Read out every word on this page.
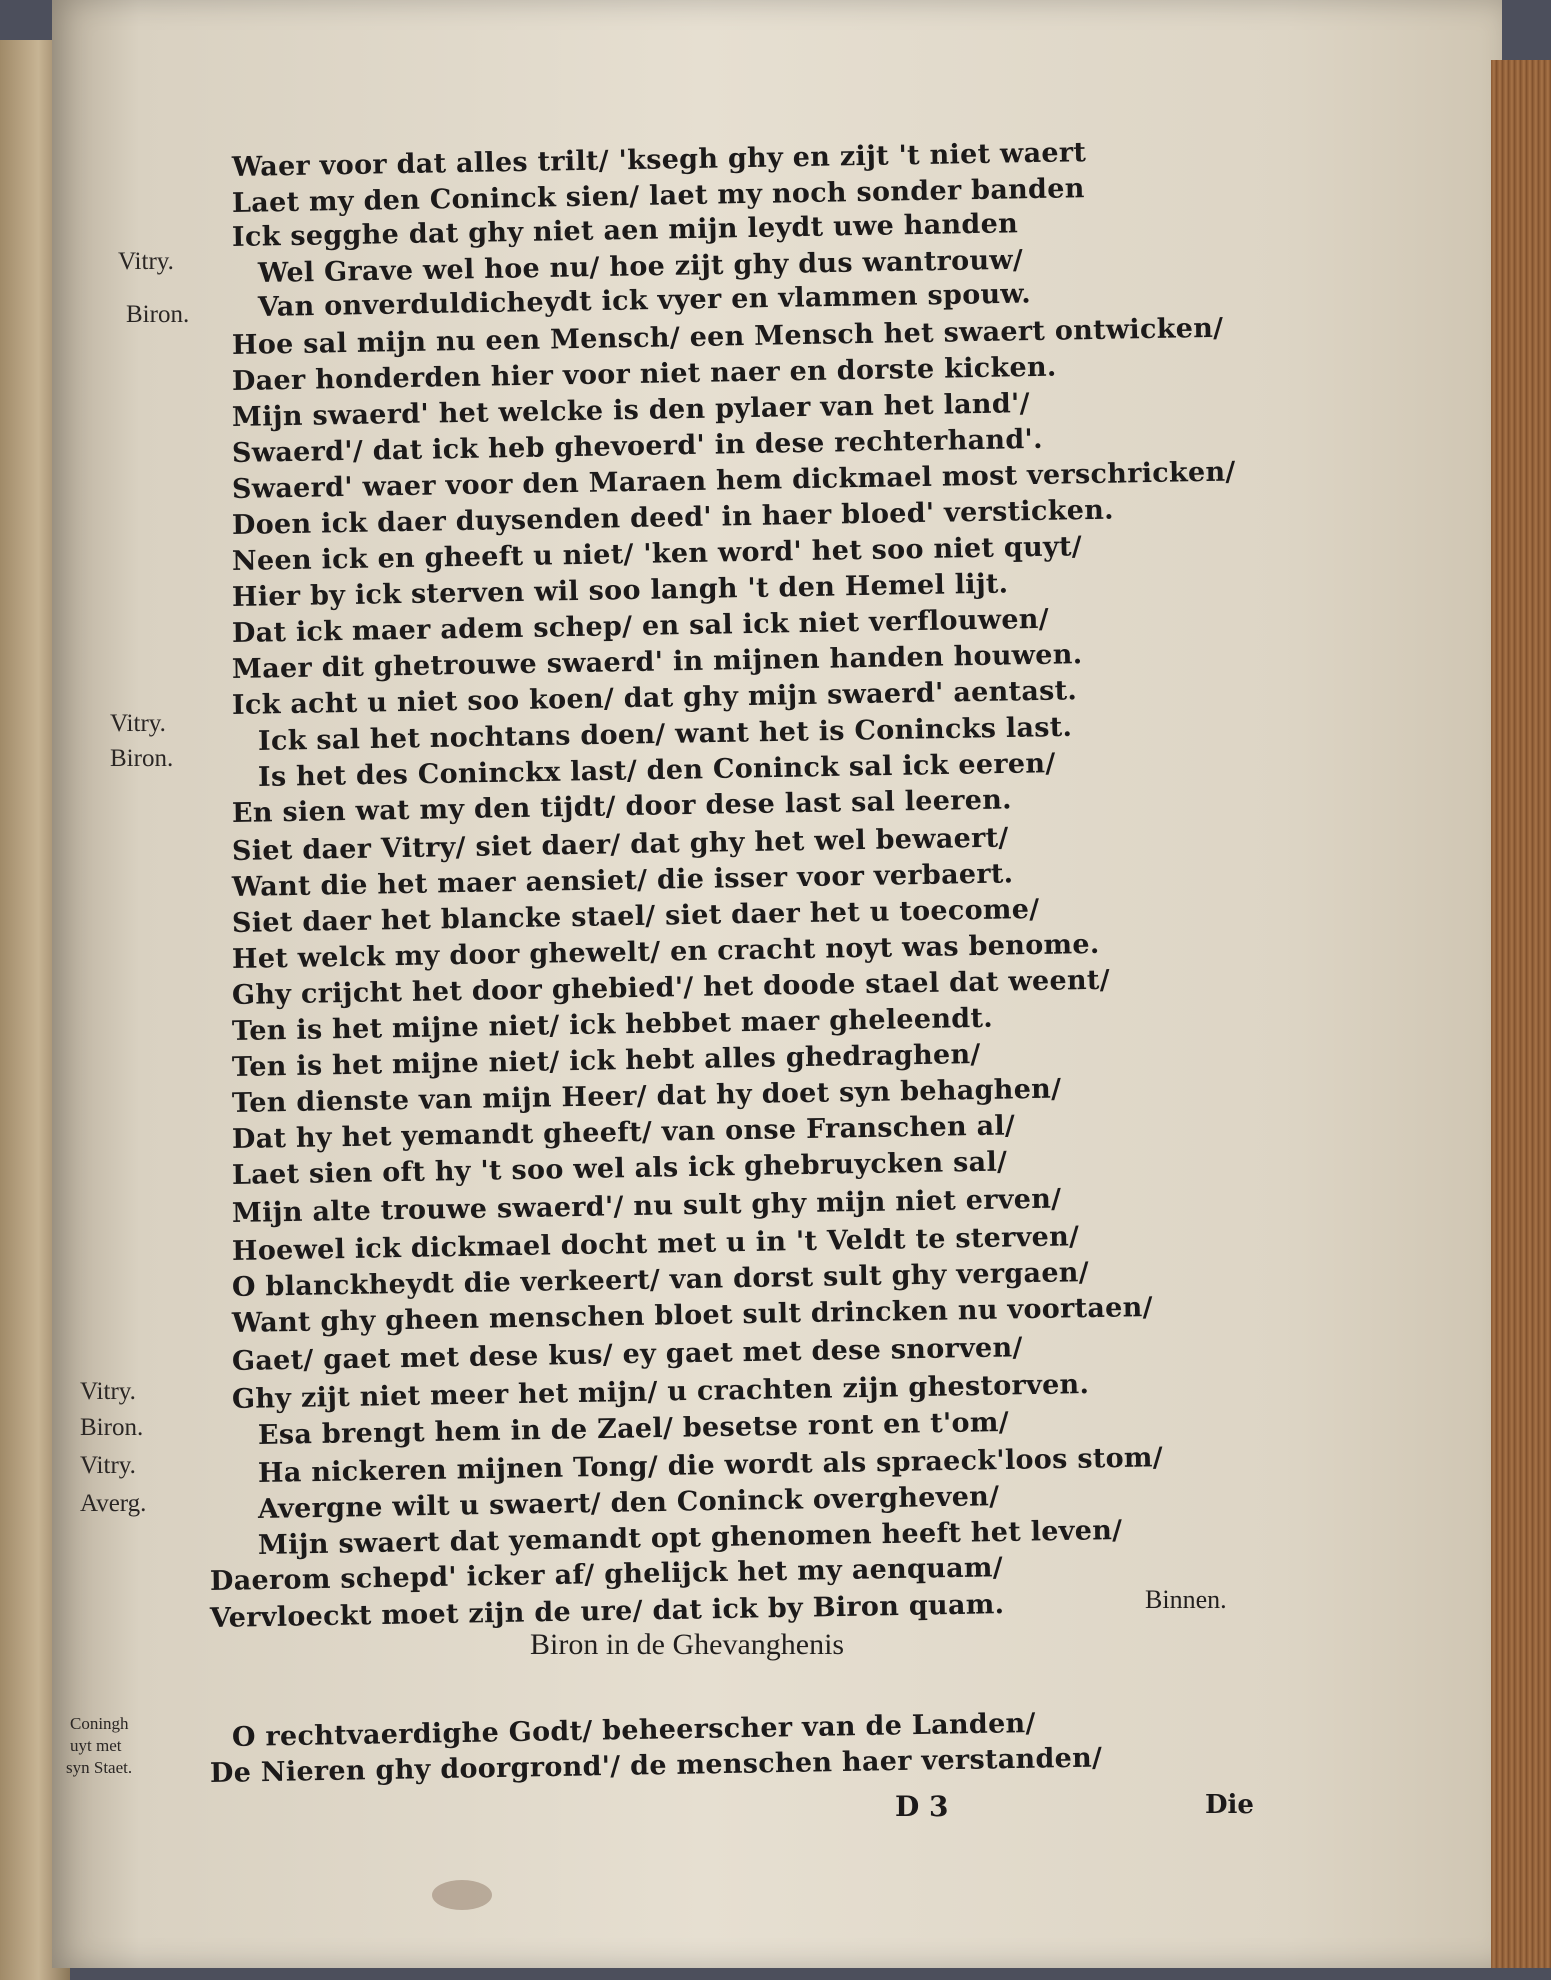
Waer voor dat alles trilt/ 'ksegh ghy en zijt 't niet waert

Laet my den Coninck sien/ laet my noch sonder banden

Ick segghe dat ghy niet aen mijn leydt uwe handen

Wel Grave wel hoe nu/ hoe zijt ghy dus wantrouw/

Van onverduldicheydt ick vyer en vlammen spouw.

Hoe sal mijn nu een Mensch/ een Mensch het swaert ontwicken/

Daer honderden hier voor niet naer en dorste kicken.

Mijn swaerd' het welcke is den pylaer van het land'/

Swaerd'/ dat ick heb ghevoerd' in dese rechterhand'.

Swaerd' waer voor den Maraen hem dickmael most verschricken/

Doen ick daer duysenden deed' in haer bloed' versticken.

Neen ick en gheeft u niet/ 'ken word' het soo niet quyt/

Hier by ick sterven wil soo langh 't den Hemel lijt.

Dat ick maer adem schep/ en sal ick niet verflouwen/

Maer dit ghetrouwe swaerd' in mijnen handen houwen.

Ick acht u niet soo koen/ dat ghy mijn swaerd' aentast.

Ick sal het nochtans doen/ want het is Conincks last.

Is het des Coninckx last/ den Coninck sal ick eeren/

En sien wat my den tijdt/ door dese last sal leeren.

Siet daer Vitry/ siet daer/ dat ghy het wel bewaert/

Want die het maer aensiet/ die isser voor verbaert.

Siet daer het blancke stael/ siet daer het u toecome/

Het welck my door ghewelt/ en cracht noyt was benome.

Ghy crijcht het door ghebied'/ het doode stael dat weent/

Ten is het mijne niet/ ick hebbet maer gheleendt.

Ten is het mijne niet/ ick hebt alles ghedraghen/

Ten dienste van mijn Heer/ dat hy doet syn behaghen/

Dat hy het yemandt gheeft/ van onse Franschen al/

Laet sien oft hy 't soo wel als ick ghebruycken sal/

Mijn alte trouwe swaerd'/ nu sult ghy mijn niet erven/

Hoewel ick dickmael docht met u in 't Veldt te sterven/

O blanckheydt die verkeert/ van dorst sult ghy vergaen/

Want ghy gheen menschen bloet sult drincken nu voortaen/

Gaet/ gaet met dese kus/ ey gaet met dese snorven/

Ghy zijt niet meer het mijn/ u crachten zijn ghestorven.

Esa brengt hem in de Zael/ besetse ront en t'om/

Ha nickeren mijnen Tong/ die wordt als spraeck'loos stom/

Avergne wilt u swaert/ den Coninck overgheven/

Mijn swaert dat yemandt opt ghenomen heeft het leven/

Daerom schepd' icker af/ ghelijck het my aenquam/

Vervloeckt moet zijn de ure/ dat ick by Biron quam.

O rechtvaerdighe Godt/ beheerscher van de Landen/

De Nieren ghy doorgrond'/ de menschen haer verstanden/

Vitry.
Biron.
Vitry.
Biron.
Vitry.
Biron.
Vitry.
Averg.
Coningh
uyt met
syn Staet.
Binnen.
Biron in de Ghevanghenis
D 3	Die
